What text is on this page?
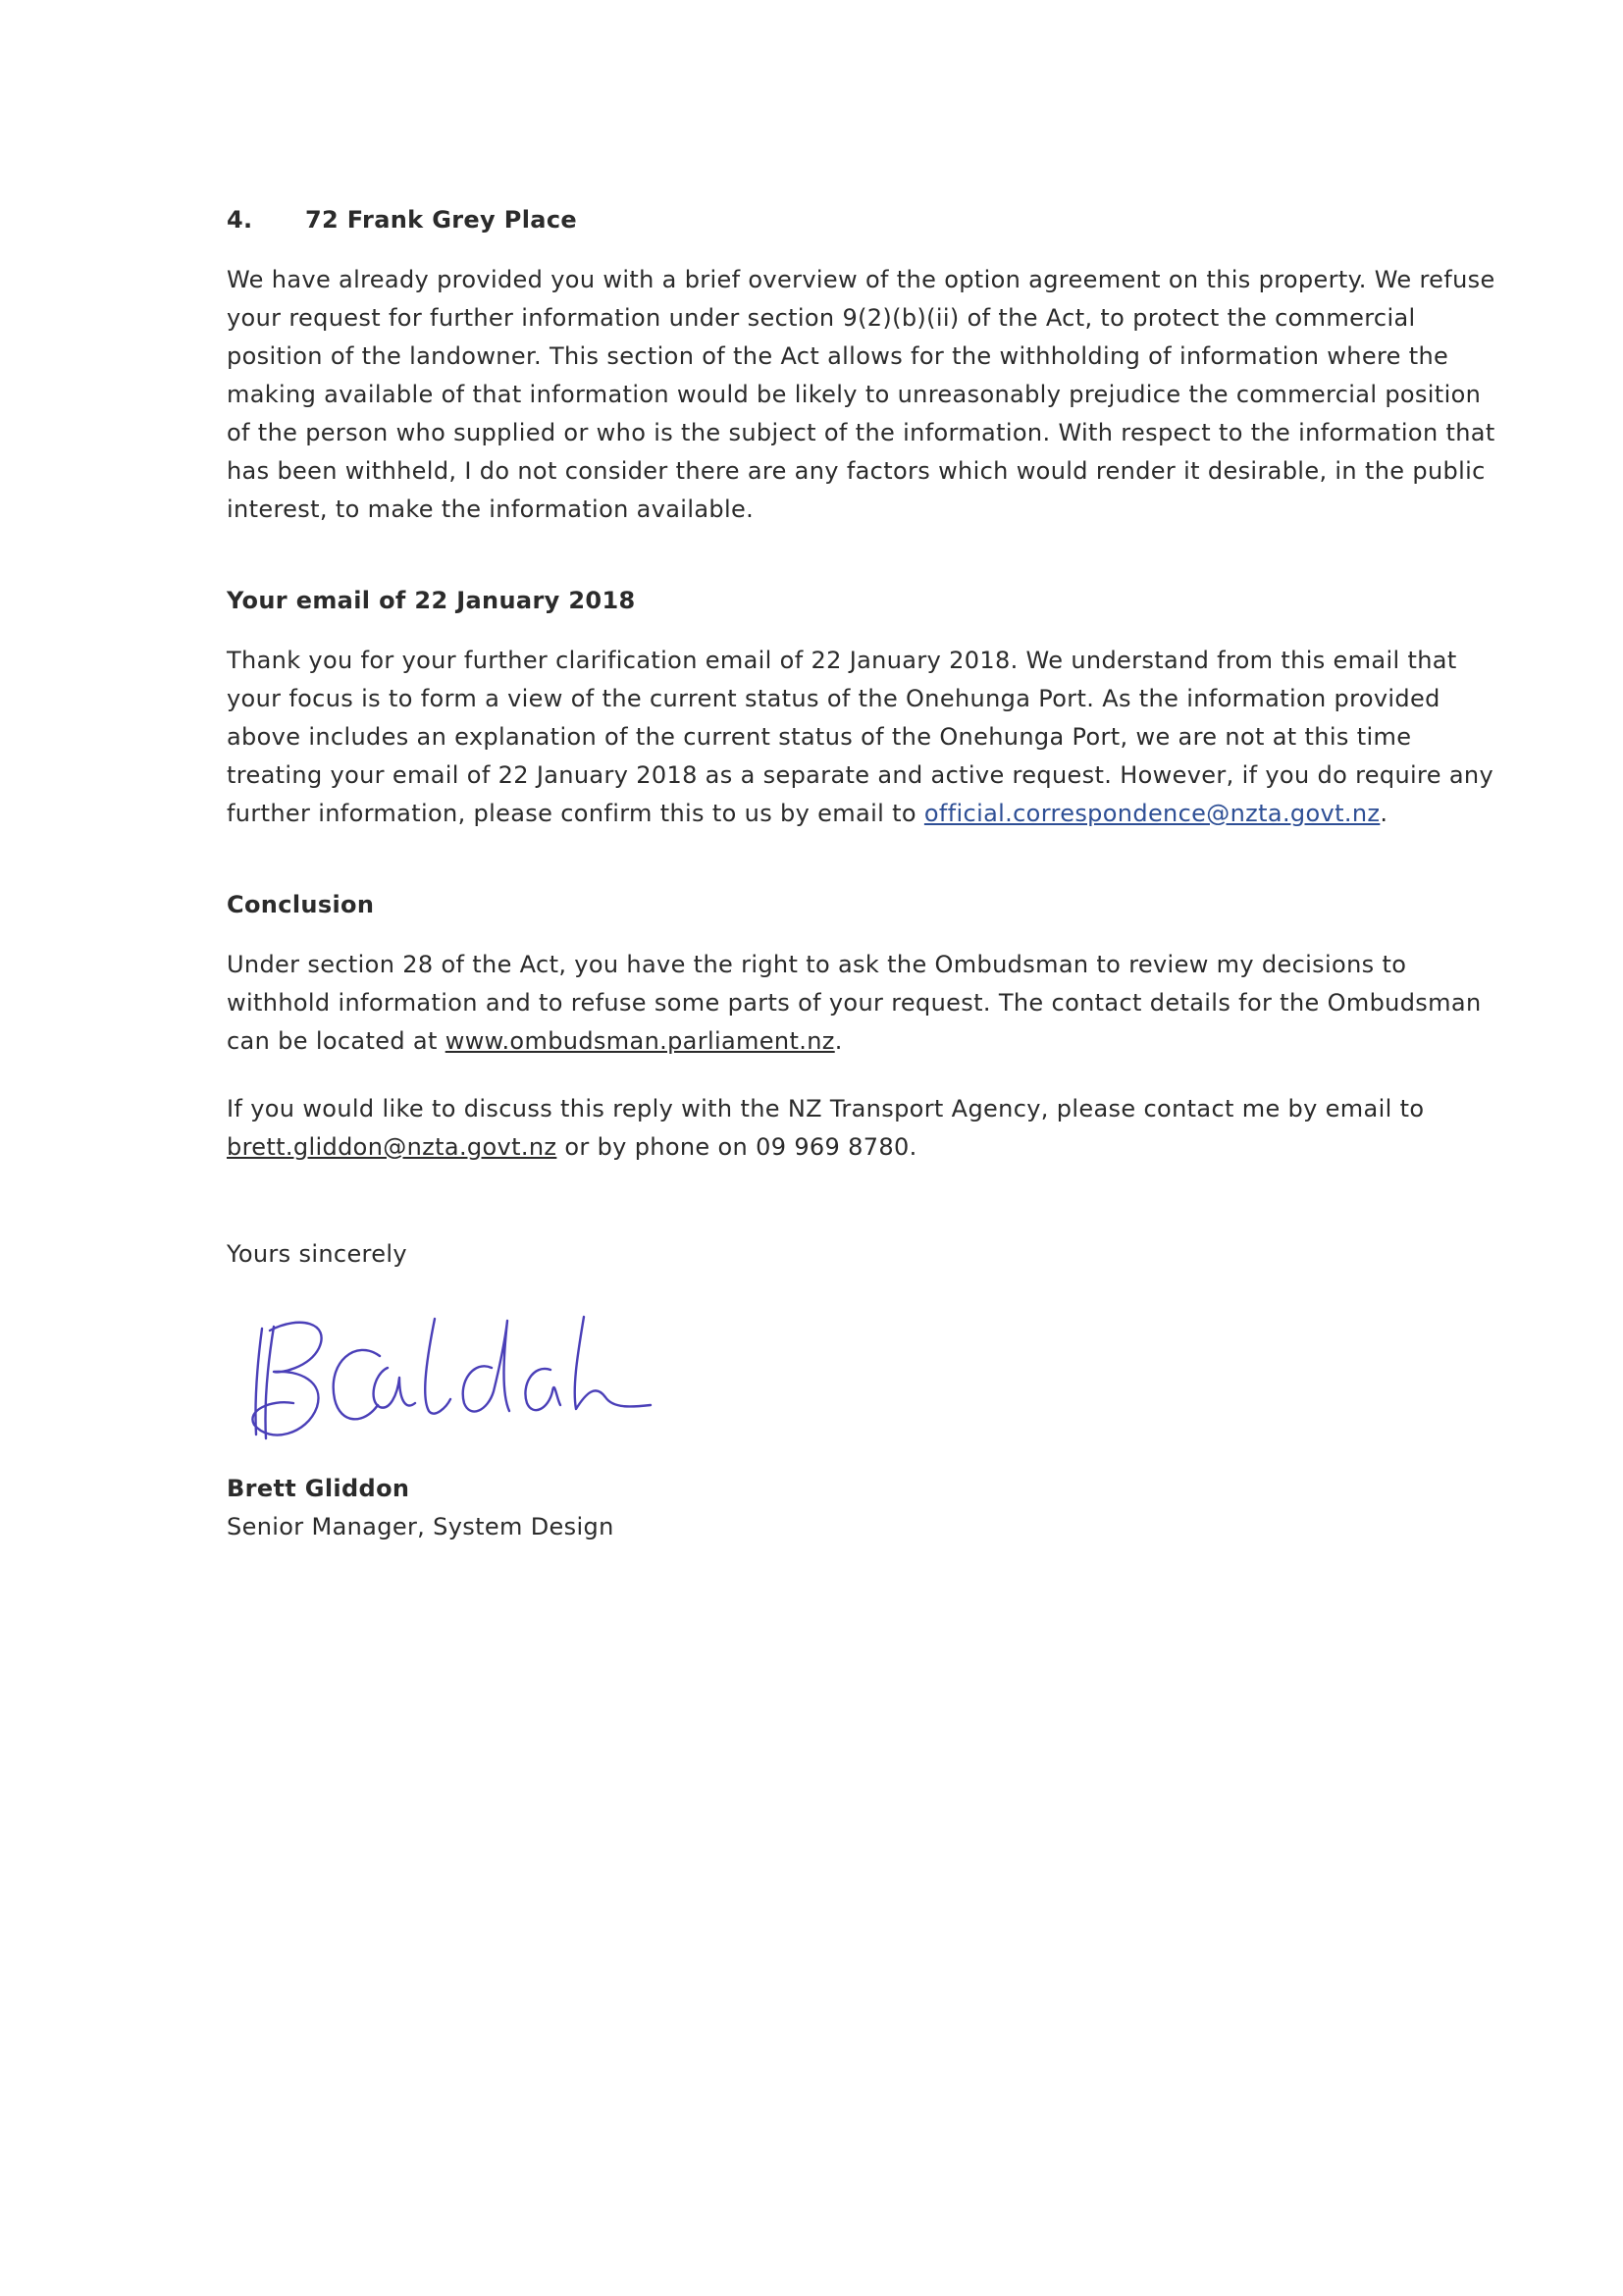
4.	72 Frank Grey Place

We have already provided you with a brief overview of the option agreement on this property. We refuse your request for further information under section 9(2)(b)(ii) of the Act, to protect the commercial position of the landowner. This section of the Act allows for the withholding of information where the making available of that information would be likely to unreasonably prejudice the commercial position of the person who supplied or who is the subject of the information. With respect to the information that has been withheld, I do not consider there are any factors which would render it desirable, in the public interest, to make the information available.

Your email of 22 January 2018

Thank you for your further clarification email of 22 January 2018. We understand from this email that your focus is to form a view of the current status of the Onehunga Port. As the information provided above includes an explanation of the current status of the Onehunga Port, we are not at this time treating your email of 22 January 2018 as a separate and active request. However, if you do require any further information, please confirm this to us by email to official.correspondence@nzta.govt.nz.

Conclusion

Under section 28 of the Act, you have the right to ask the Ombudsman to review my decisions to withhold information and to refuse some parts of your request. The contact details for the Ombudsman can be located at www.ombudsman.parliament.nz.

If you would like to discuss this reply with the NZ Transport Agency, please contact me by email to brett.gliddon@nzta.govt.nz or by phone on 09 969 8780.

Yours sincerely

Brett Gliddon

Senior Manager, System Design
